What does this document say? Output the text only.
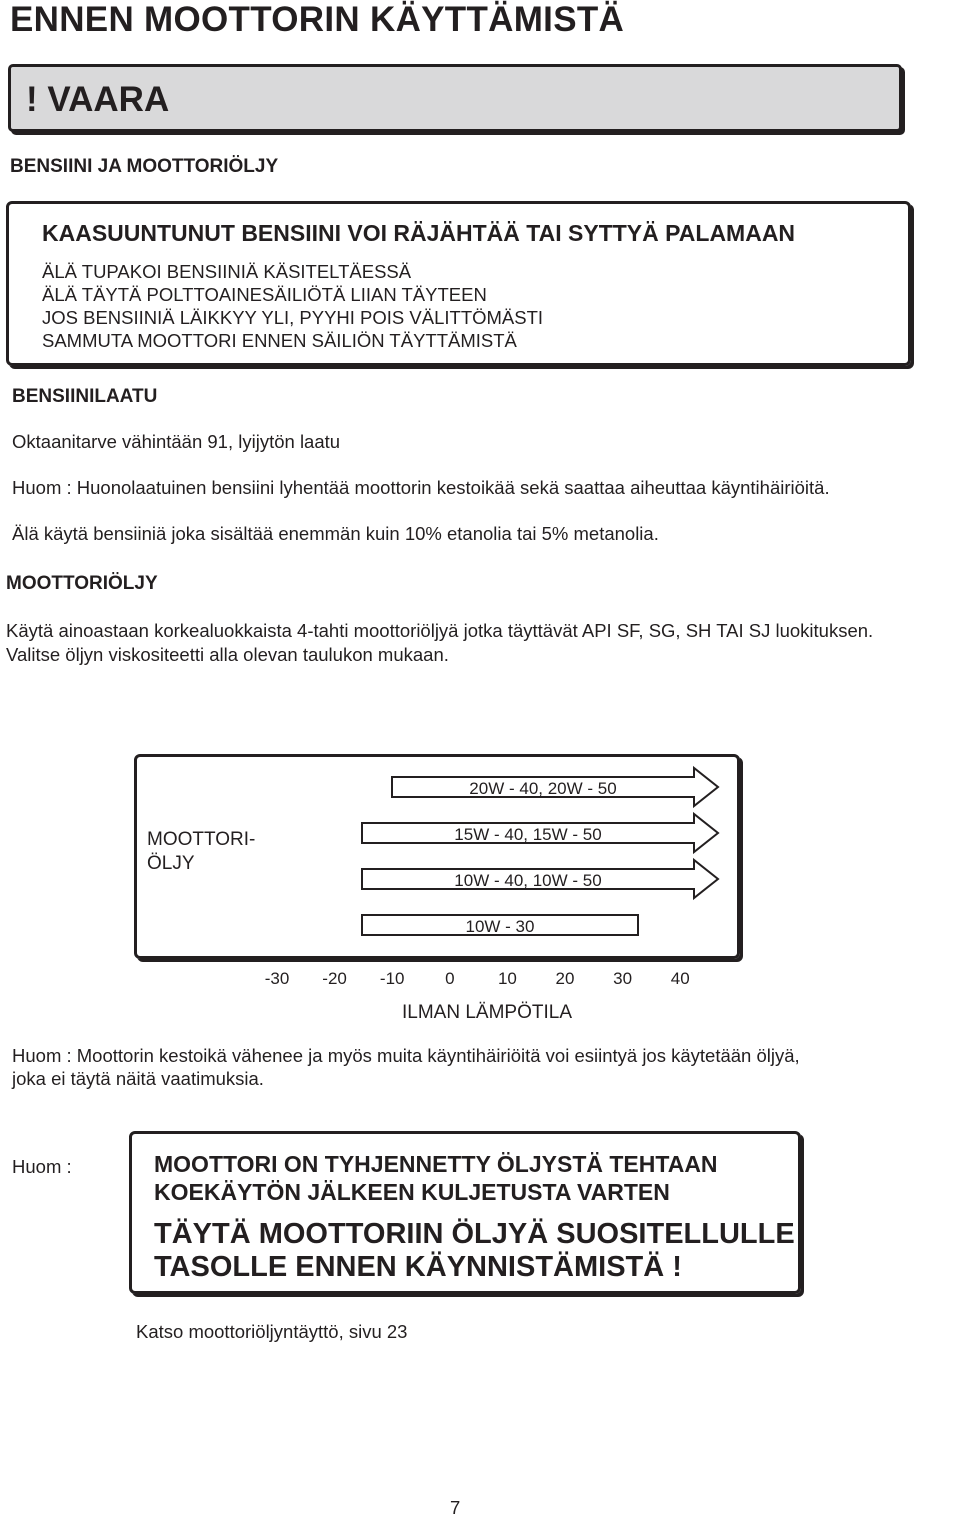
ENNEN MOOTTORIN KÄYTTÄMISTÄ
! VAARA
BENSIINI JA MOOTTORIÖLJY
KAASUUNTUNUT BENSIINI VOI RÄJÄHTÄÄ TAI SYTTYÄ PALAMAAN
ÄLÄ TUPAKOI BENSIINIÄ KÄSITELTÄESSÄ
ÄLÄ TÄYTÄ POLTTOAINESÄILIÖTÄ LIIAN TÄYTEEN
JOS BENSIINIÄ LÄIKKYY YLI, PYYHI POIS VÄLITTÖMÄSTI
SAMMUTA MOOTTORI ENNEN SÄILIÖN TÄYTTÄMISTÄ
BENSIINILAATU
Oktaanitarve vähintään 91, lyijytön laatu
Huom : Huonolaatuinen bensiini lyhentää moottorin kestoikää sekä saattaa aiheuttaa käyntihäiriöitä.
Älä käytä bensiiniä joka sisältää enemmän kuin 10% etanolia tai 5% metanolia.
MOOTTORIÖLJY
Käytä ainoastaan korkealuokkaista 4-tahti moottoriöljyä jotka täyttävät API SF, SG, SH TAI SJ luokituksen.
Valitse öljyn viskositeetti alla olevan taulukon mukaan.
MOOTTORI-
ÖLJY
20W - 40, 20W - 50
15W - 40, 15W - 50
10W - 40, 10W - 50
10W - 30
-30 -20 -10 0	10 20 30 40
ILMAN LÄMPÖTILA
Huom : Moottorin kestoikä vähenee ja myös muita käyntihäiriöitä voi esiintyä jos käytetään öljyä,
joka ei täytä näitä vaatimuksia.
Huom :	MOOTTORI ON TYHJENNETTY ÖLJYSTÄ TEHTAAN
KOEKÄYTÖN JÄLKEEN KULJETUSTA VARTEN
TÄYTÄ MOOTTORIIN ÖLJYÄ SUOSITELLULLE
TASOLLE ENNEN KÄYNNISTÄMISTÄ !
Katso moottoriöljyntäyttö, sivu 23
7
